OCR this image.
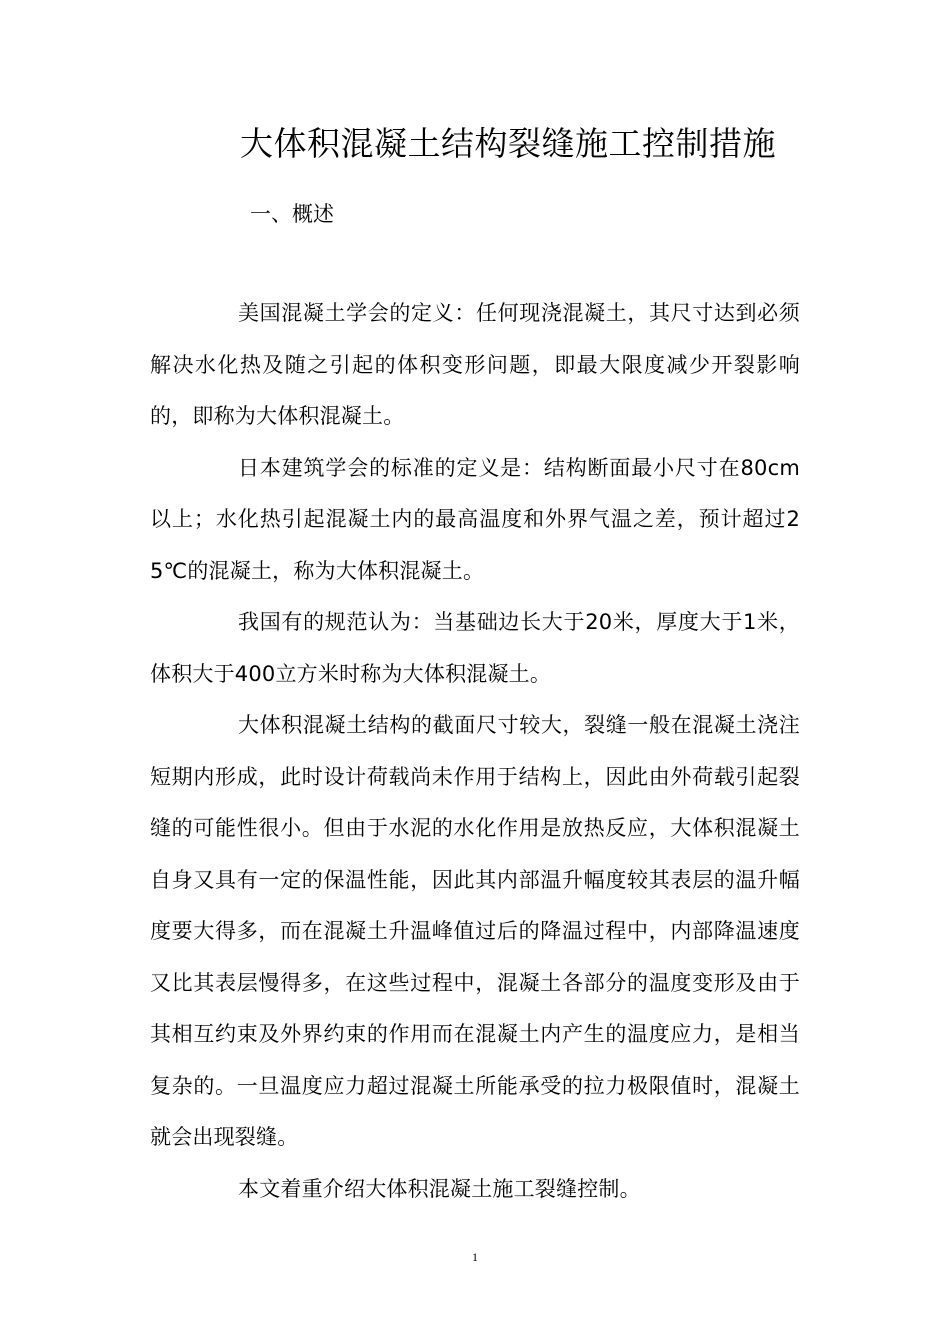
大体积混凝土结构裂缝施工控制措施
一、概述

美国混凝土学会的定义：任何现浇混凝土，其尺寸达到必须解决水化热及随之引起的体积变形问题，即最大限度减少开裂影响的，即称为大体积混凝土。

日本建筑学会的标准的定义是：结构断面最小尺寸在80cm以上；水化热引起混凝土内的最高温度和外界气温之差，预计超过25℃的混凝土，称为大体积混凝土。

我国有的规范认为：当基础边长大于20米，厚度大于1米，体积大于400立方米时称为大体积混凝土。

大体积混凝土结构的截面尺寸较大，裂缝一般在混凝土浇注短期内形成，此时设计荷载尚未作用于结构上，因此由外荷载引起裂缝的可能性很小。但由于水泥的水化作用是放热反应，大体积混凝土自身又具有一定的保温性能，因此其内部温升幅度较其表层的温升幅度要大得多，而在混凝土升温峰值过后的降温过程中，内部降温速度又比其表层慢得多，在这些过程中，混凝土各部分的温度变形及由于其相互约束及外界约束的作用而在混凝土内产生的温度应力，是相当复杂的。一旦温度应力超过混凝土所能承受的拉力极限值时，混凝土就会出现裂缝。

本文着重介绍大体积混凝土施工裂缝控制。

1
